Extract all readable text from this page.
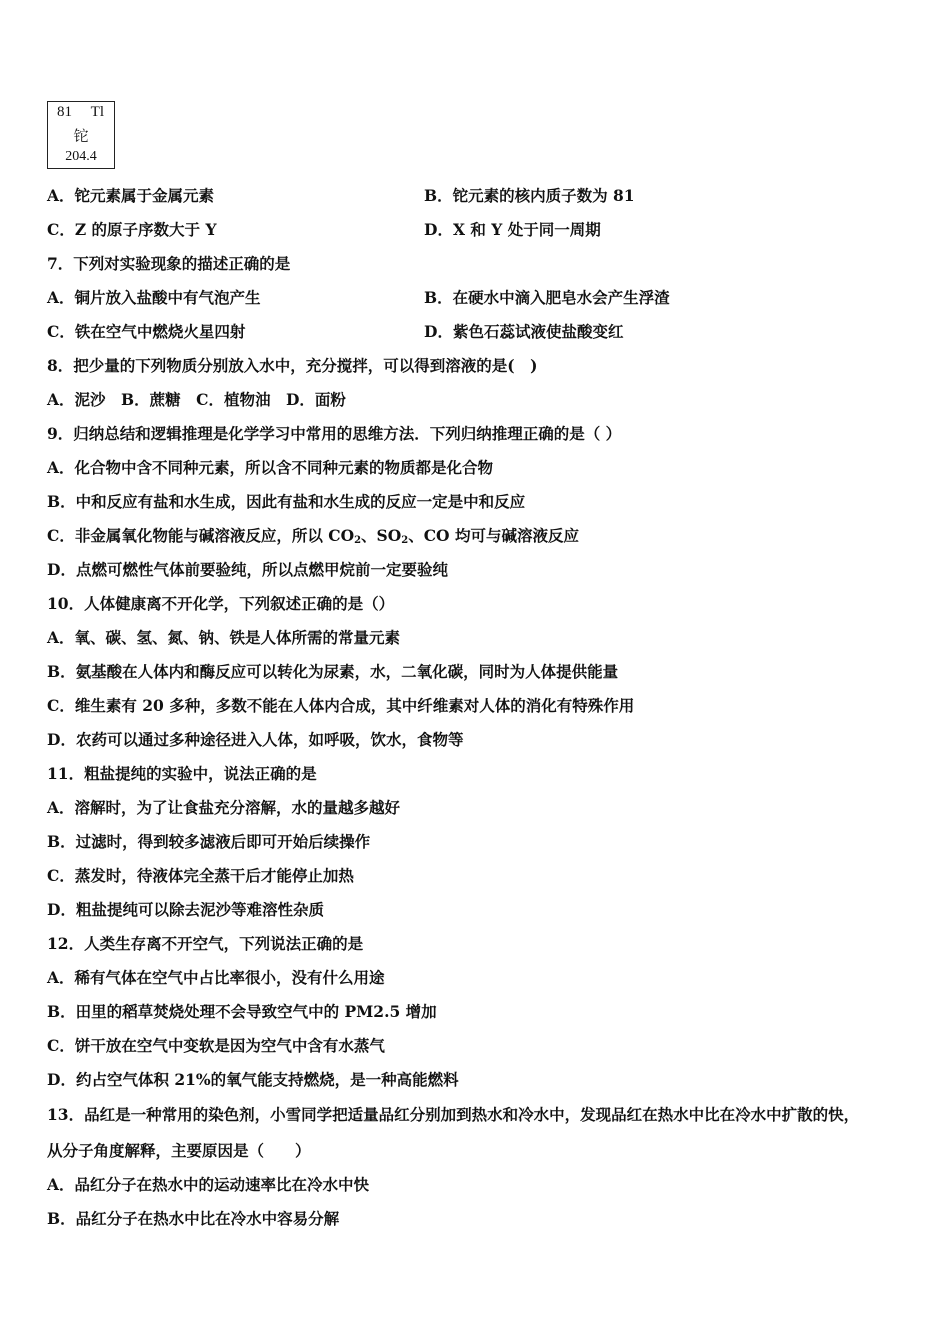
81 Tl
铊
204.4
A．铊元素属于金属元素	B．铊元素的核内质子数为 81
C．Z 的原子序数大于 Y	D．X 和 Y 处于同一周期
7．下列对实验现象的描述正确的是
A．铜片放入盐酸中有气泡产生	B．在硬水中滴入肥皂水会产生浮渣
C．铁在空气中燃烧火星四射	D．紫色石蕊试液使盐酸变红
8．把少量的下列物质分别放入水中，充分搅拌，可以得到溶液的是(　)
A．泥沙　B．蔗糖　C．植物油　D．面粉
9．归纳总结和逻辑推理是化学学习中常用的思维方法．下列归纳推理正确的是（ ）
A．化合物中含不同种元素，所以含不同种元素的物质都是化合物
B．中和反应有盐和水生成，因此有盐和水生成的反应一定是中和反应
C．非金属氧化物能与碱溶液反应，所以 $CO_2$、$SO_2$、CO 均可与碱溶液反应
D．点燃可燃性气体前要验纯，所以点燃甲烷前一定要验纯
10．人体健康离不开化学，下列叙述正确的是（）
A．氧、碳、氢、氮、钠、铁是人体所需的常量元素
B．氨基酸在人体内和酶反应可以转化为尿素，水，二氧化碳，同时为人体提供能量
C．维生素有 20 多种，多数不能在人体内合成，其中纤维素对人体的消化有特殊作用
D．农药可以通过多种途径进入人体，如呼吸，饮水，食物等
11．粗盐提纯的实验中，说法正确的是
A．溶解时，为了让食盐充分溶解，水的量越多越好
B．过滤时，得到较多滤液后即可开始后续操作
C．蒸发时，待液体完全蒸干后才能停止加热
D．粗盐提纯可以除去泥沙等难溶性杂质
12．人类生存离不开空气，下列说法正确的是
A．稀有气体在空气中占比率很小，没有什么用途
B．田里的稻草焚烧处理不会导致空气中的 PM2.5 增加
C．饼干放在空气中变软是因为空气中含有水蒸气
D．约占空气体积 21%的氧气能支持燃烧，是一种高能燃料
13．品红是一种常用的染色剂，小雪同学把适量品红分别加到热水和冷水中，发现品红在热水中比在冷水中扩散的快，
从分子角度解释，主要原因是（　　）
A．品红分子在热水中的运动速率比在冷水中快
B．品红分子在热水中比在冷水中容易分解
